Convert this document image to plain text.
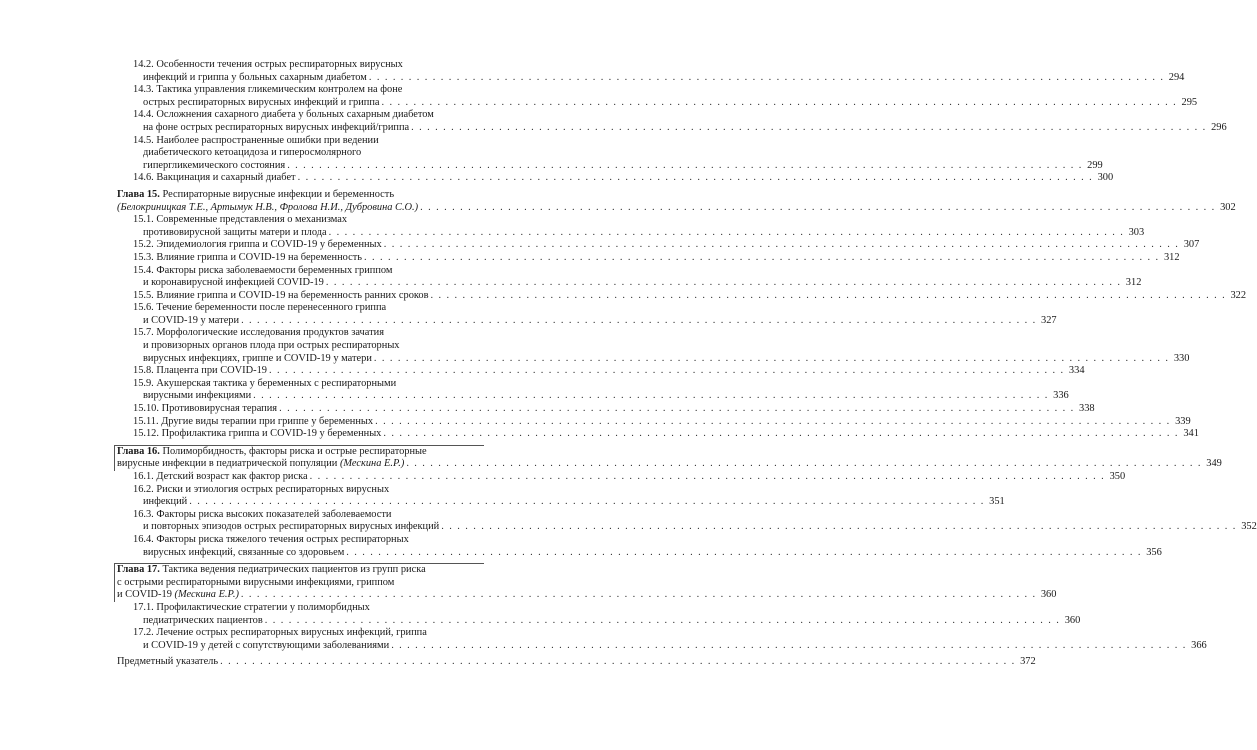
14.2. Особенности течения острых респираторных вирусных
инфекций и гриппа у больных сахарным диабетом . . .	294
14.3. Тактика управления гликемическим контролем на фоне
острых респираторных вирусных инфекций и гриппа . . .	295
14.4. Осложнения сахарного диабета у больных сахарным диабетом
на фоне острых респираторных вирусных инфекций/гриппа . . .	296
14.5. Наиболее распространенные ошибки при ведении
диабетического кетоацидоза и гиперосмолярного
гипергликемического состояния . . .	299
14.6. Вакцинация и сахарный диабет . . .	300
Глава 15. Респираторные вирусные инфекции и беременность
(Белокриницкая Т.Е., Артымук Н.В., Фролова Н.И., Дубровина С.О.) . . .	302
15.1. Современные представления о механизмах
противовирусной защиты матери и плода . . .	303
15.2. Эпидемиология гриппа и COVID-19 у беременных . . .	307
15.3. Влияние гриппа и COVID-19 на беременность . . .	312
15.4. Факторы риска заболеваемости беременных гриппом
и коронавирусной инфекцией COVID-19 . . .	312
15.5. Влияние гриппа и COVID-19 на беременность ранних сроков . . .	322
15.6. Течение беременности после перенесенного гриппа
и COVID-19 у матери . . .	327
15.7. Морфологические исследования продуктов зачатия
и провизорных органов плода при острых респираторных
вирусных инфекциях, гриппе и COVID-19 у матери . . .	330
15.8. Плацента при COVID-19 . . .	334
15.9. Акушерская тактика у беременных с респираторными
вирусными инфекциями . . .	336
15.10. Противовирусная терапия . . .	338
15.11. Другие виды терапии при гриппе у беременных . . .	339
15.12. Профилактика гриппа и COVID-19 у беременных . . .	341
Глава 16. Полиморбидность, факторы риска и острые респираторные
вирусные инфекции в педиатрической популяции (Мескина Е.Р.) . . .	349
16.1. Детский возраст как фактор риска . . .	350
16.2. Риски и этиология острых респираторных вирусных
инфекций . . .	351
16.3. Факторы риска высоких показателей заболеваемости
и повторных эпизодов острых респираторных вирусных инфекций . . .	352
16.4. Факторы риска тяжелого течения острых респираторных
вирусных инфекций, связанные со здоровьем . . .	356
Глава 17. Тактика ведения педиатрических пациентов из групп риска
с острыми респираторными вирусными инфекциями, гриппом
и COVID-19 (Мескина Е.Р.) . . .	360
17.1. Профилактические стратегии у полиморбидных
педиатрических пациентов . . .	360
17.2. Лечение острых респираторных вирусных инфекций, гриппа
и COVID-19 у детей с сопутствующими заболеваниями . . .	366
Предметный указатель . . .	372
